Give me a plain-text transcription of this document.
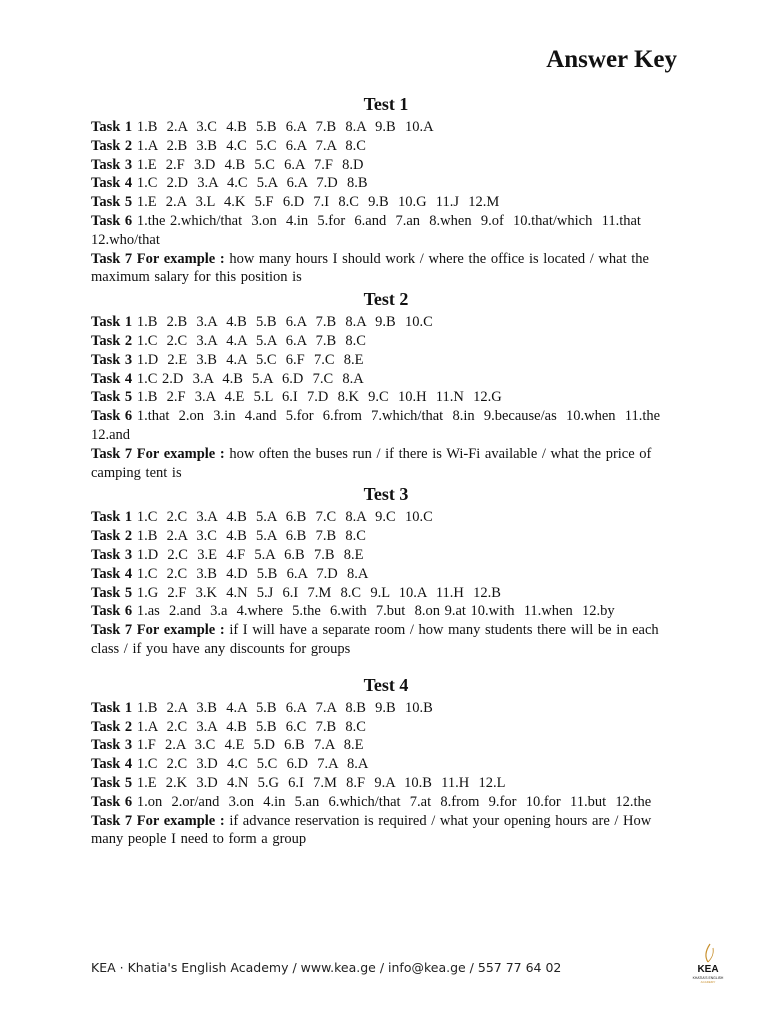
Answer Key
Test 1

Task 1 1.B  2.A  3.C  4.B  5.B  6.A  7.B  8.A  9.B  10.A

Task 2 1.A  2.B  3.B  4.C  5.C  6.A  7.A  8.C

Task 3 1.E  2.F  3.D  4.B  5.C  6.A  7.F  8.D

Task 4 1.C  2.D  3.A  4.C  5.A  6.A  7.D  8.B

Task 5 1.E  2.A  3.L  4.K  5.F  6.D  7.I  8.C  9.B  10.G  11.J  12.M

Task 6 1.the 2.which/that  3.on  4.in  5.for  6.and  7.an  8.when  9.of  10.that/which  11.that 12.who/that

Task 7 For example : how many hours I should work / where the office is located / what the maximum salary for this position is

Test 2

Task 1 1.B  2.B  3.A  4.B  5.B  6.A  7.B  8.A  9.B  10.C

Task 2 1.C  2.C  3.A  4.A  5.A  6.A  7.B  8.C

Task 3 1.D  2.E  3.B  4.A  5.C  6.F  7.C  8.E

Task 4 1.C 2.D  3.A  4.B  5.A  6.D  7.C  8.A

Task 5 1.B  2.F  3.A  4.E  5.L  6.I  7.D  8.K  9.C  10.H  11.N  12.G

Task 6 1.that  2.on  3.in  4.and  5.for  6.from  7.which/that  8.in  9.because/as  10.when  11.the 12.and

Task 7 For example : how often the buses run / if there is Wi-Fi available / what the price of camping tent is

Test 3

Task 1 1.C  2.C  3.A  4.B  5.A  6.B  7.C  8.A  9.C  10.C

Task 2 1.B  2.A  3.C  4.B  5.A  6.B  7.B  8.C

Task 3 1.D  2.C  3.E  4.F  5.A  6.B  7.B  8.E

Task 4 1.C  2.C  3.B  4.D  5.B  6.A  7.D  8.A

Task 5 1.G  2.F  3.K  4.N  5.J  6.I  7.M  8.C  9.L  10.A  11.H  12.B

Task 6 1.as  2.and  3.a  4.where  5.the  6.with  7.but  8.on 9.at 10.with  11.when  12.by

Task 7 For example : if I will have a separate room / how many students there will be in each class / if you have any discounts for groups

Test 4

Task 1 1.B  2.A  3.B  4.A  5.B  6.A  7.A  8.B  9.B  10.B

Task 2 1.A  2.C  3.A  4.B  5.B  6.C  7.B  8.C

Task 3 1.F  2.A  3.C  4.E  5.D  6.B  7.A  8.E

Task 4 1.C  2.C  3.D  4.C  5.C  6.D  7.A  8.A

Task 5 1.E  2.K  3.D  4.N  5.G  6.I  7.M  8.F  9.A  10.B  11.H  12.L

Task 6 1.on  2.or/and  3.on  4.in  5.an  6.which/that  7.at  8.from  9.for  10.for  11.but  12.the

Task 7 For example : if advance reservation is required / what your opening hours are / How many people I need to form a group

KEA · Khatia's English Academy / www.kea.ge / info@kea.ge / 557 77 64 02	KEA
KHATIA'S ENGLISH
ACADEMY
